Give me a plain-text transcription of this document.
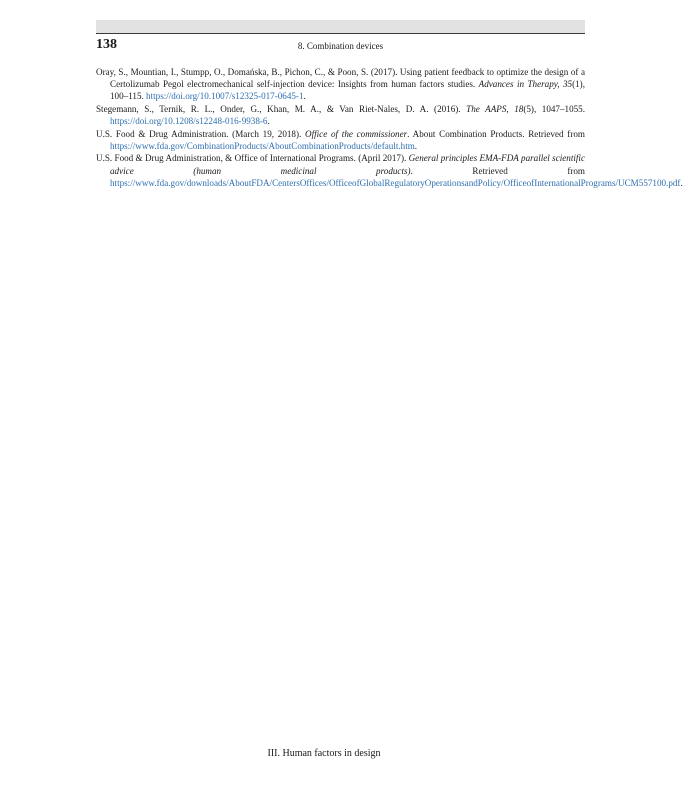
138	8. Combination devices

Oray, S., Mountian, I., Stumpp, O., Domańska, B., Pichon, C., & Poon, S. (2017). Using patient feedback to optimize the design of a Certolizumab Pegol electromechanical self-injection device: Insights from human factors studies. Advances in Therapy, 35(1), 100–115. https://doi.org/10.1007/s12325-017-0645-1.

Stegemann, S., Ternik, R. L., Onder, G., Khan, M. A., & Van Riet-Nales, D. A. (2016). The AAPS, 18(5), 1047–1055. https://doi.org/10.1208/s12248-016-9938-6.

U.S. Food & Drug Administration. (March 19, 2018). Office of the commissioner. About Combination Products. Retrieved from https://www.fda.gov/CombinationProducts/AboutCombinationProducts/default.htm.

U.S. Food & Drug Administration, & Office of International Programs. (April 2017). General principles EMA-FDA parallel scientific advice (human medicinal products). Retrieved from https://www.fda.gov/downloads/AboutFDA/CentersOffices/OfficeofGlobalRegulatoryOperationsandPolicy/OfficeofInternationalPrograms/UCM557100.pdf.

III. Human factors in design
